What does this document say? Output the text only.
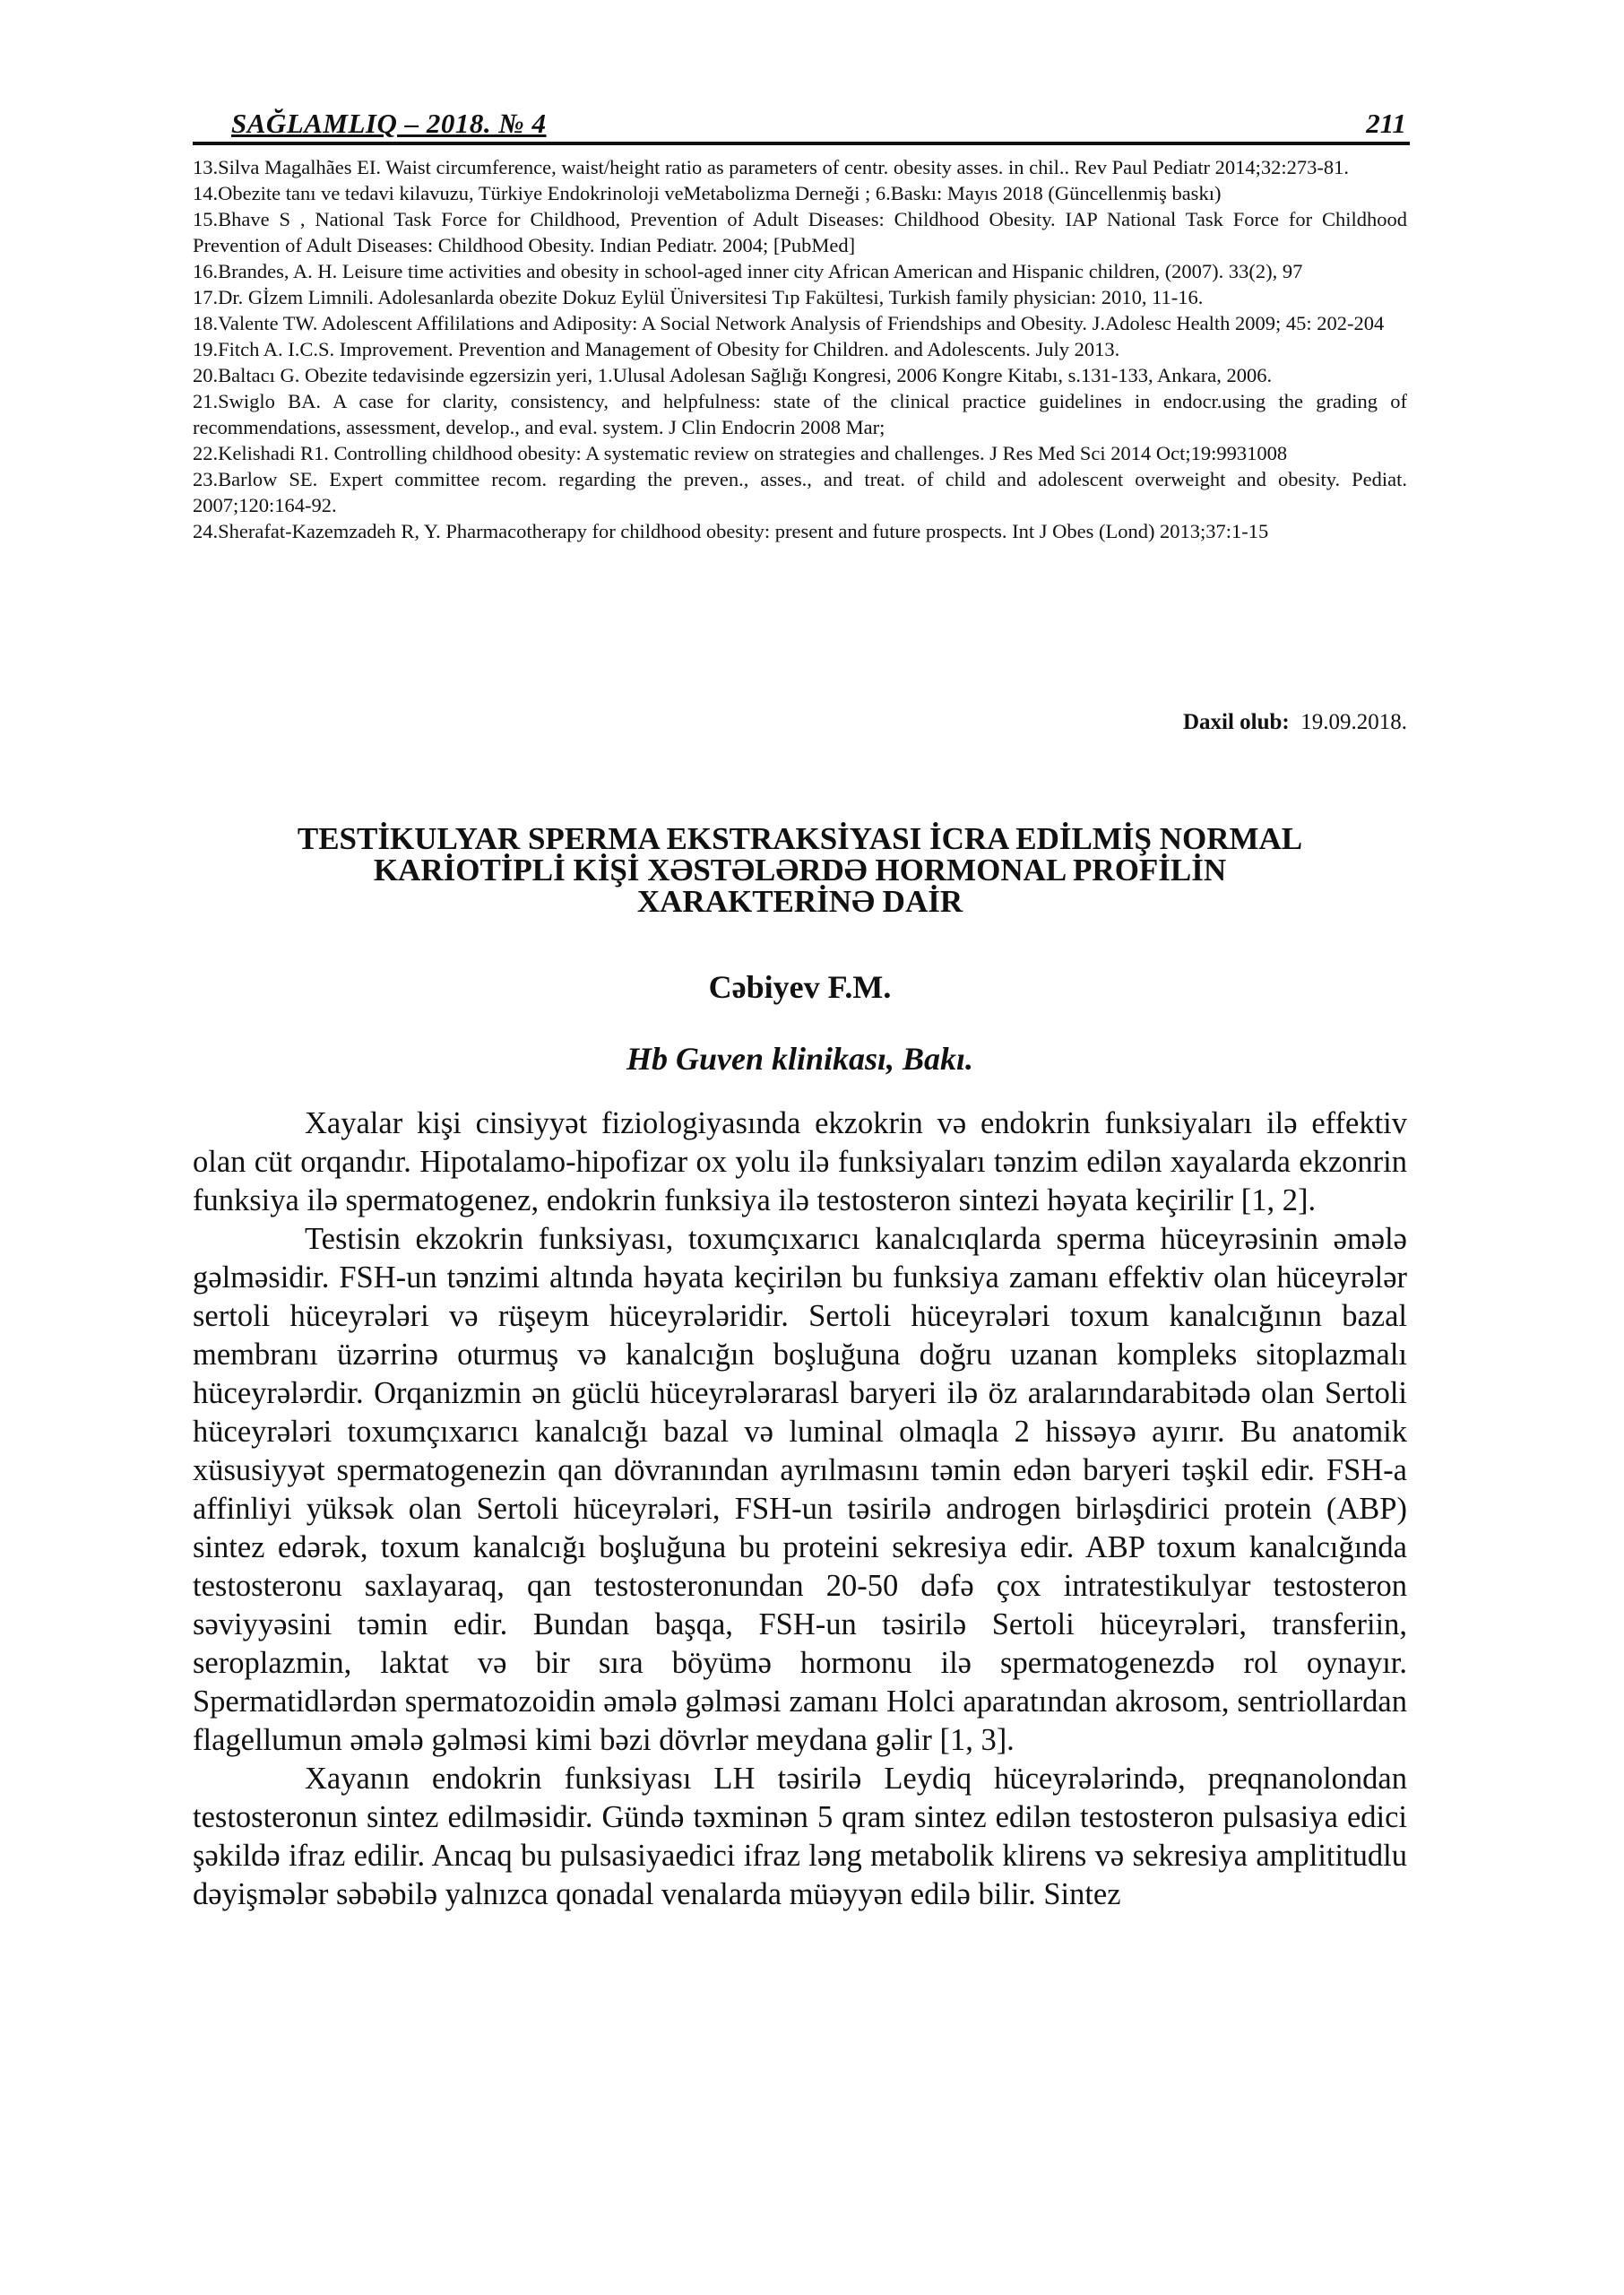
SAĞLAMLIQ – 2018. № 4	211

13.Silva Magalhães EI. Waist circumference, waist/height ratio as parameters of centr. obesity asses. in chil.. Rev Paul Pediatr 2014;32:273-81.

14.Obezite tanı ve tedavi kilavuzu, Türkiye Endokrinoloji veMetabolizma Derneği ; 6.Baskı: Mayıs 2018 (Güncellenmiş baskı)

15.Bhave S , National Task Force for Childhood, Prevention of Adult Diseases: Childhood Obesity. IAP National Task Force for Childhood Prevention of Adult Diseases: Childhood Obesity. Indian Pediatr. 2004; [PubMed]

16.Brandes, A. H. Leisure time activities and obesity in school-aged inner city African American and Hispanic children, (2007). 33(2), 97

17.Dr. Gİzem Limnili. Adolesanlarda obezite Dokuz Eylül Üniversitesi Tıp Fakültesi, Turkish family physician: 2010, 11-16.

18.Valente TW. Adolescent Affililations and Adiposity: A Social Network Analysis of Friendships and Obesity. J.Adolesc Health 2009; 45: 202-204

19.Fitch A. I.C.S. Improvement. Prevention and Management of Obesity for Children. and Adolescents. July 2013.

20.Baltacı G. Obezite tedavisinde egzersizin yeri, 1.Ulusal Adolesan Sağlığı Kongresi, 2006 Kongre Kitabı, s.131-133, Ankara, 2006.

21.Swiglo BA. A case for clarity, consistency, and helpfulness: state of the clinical practice guidelines in endocr.using the grading of recommendations, assessment, develop., and eval. system. J Clin Endocrin 2008 Mar;

22.Kelishadi R1. Controlling childhood obesity: A systematic review on strategies and challenges. J Res Med Sci 2014 Oct;19:9931008

23.Barlow SE. Expert committee recom. regarding the preven., asses., and treat. of child and adolescent overweight and obesity. Pediat. 2007;120:164-92.

24.Sherafat-Kazemzadeh R, Y. Pharmacotherapy for childhood obesity: present and future prospects. Int J Obes (Lond) 2013;37:1-15

Daxil olub: 19.09.2018.
TESTİKULYAR SPERMA EKSTRAKSİYASI İCRA EDİLMİŞ NORMAL
KARİOTİPLİ KİŞİ XƏSTƏLƏRDƏ HORMONAL PROFİLİN
XARAKTERİNƏ DAİR
Cəbiyev F.M.
Hb Guven klinikası, Bakı.

Xayalar kişi cinsiyyət fiziologiyasında ekzokrin və endokrin funksiyaları ilə effektiv olan cüt orqandır. Hipotalamo-hipofizar ox yolu ilə funksiyaları tənzim edilən xayalarda ekzonrin funksiya ilə spermatogenez, endokrin funksiya ilə testosteron sintezi həyata keçirilir [1, 2].

Testisin ekzokrin funksiyası, toxumçıxarıcı kanalcıqlarda sperma hüceyrəsinin əmələ gəlməsidir. FSH-un tənzimi altında həyata keçirilən bu funksiya zamanı effektiv olan hüceyrələr sertoli hüceyrələri və rüşeym hüceyrələridir. Sertoli hüceyrələri toxum kanalcığının bazal membranı üzərrinə oturmuş və kanalcığın boşluğuna doğru uzanan kompleks sitoplazmalı hüceyrələrdir. Orqanizmin ən güclü hüceyrələrarasl baryeri ilə öz aralarındarabitədə olan Sertoli hüceyrələri toxumçıxarıcı kanalcığı bazal və luminal olmaqla 2 hissəyə ayırır. Bu anatomik xüsusiyyət spermatogenezin qan dövranından ayrılmasını təmin edən baryeri təşkil edir. FSH-a affinliyi yüksək olan Sertoli hüceyrələri, FSH-un təsirilə androgen birləşdirici protein (ABP) sintez edərək, toxum kanalcığı boşluğuna bu proteini sekresiya edir. ABP toxum kanalcığında testosteronu saxlayaraq, qan testosteronundan 20-50 dəfə çox intratestikulyar testosteron səviyyəsini təmin edir. Bundan başqa, FSH-un təsirilə Sertoli hüceyrələri, transferiin, seroplazmin, laktat və bir sıra böyümə hormonu ilə spermatogenezdə rol oynayır. Spermatidlərdən spermatozoidin əmələ gəlməsi zamanı Holci aparatından akrosom, sentriollardan flagellumun əmələ gəlməsi kimi bəzi dövrlər meydana gəlir [1, 3].

Xayanın endokrin funksiyası LH təsirilə Leydiq hüceyrələrində, preqnanolondan testosteronun sintez edilməsidir. Gündə təxminən 5 qram sintez edilən testosteron pulsasiya edici şəkildə ifraz edilir. Ancaq bu pulsasiyaedici ifraz ləng metabolik klirens və sekresiya amplititudlu dəyişmələr səbəbilə yalnızca qonadal venalarda müəyyən edilə bilir. Sintez
